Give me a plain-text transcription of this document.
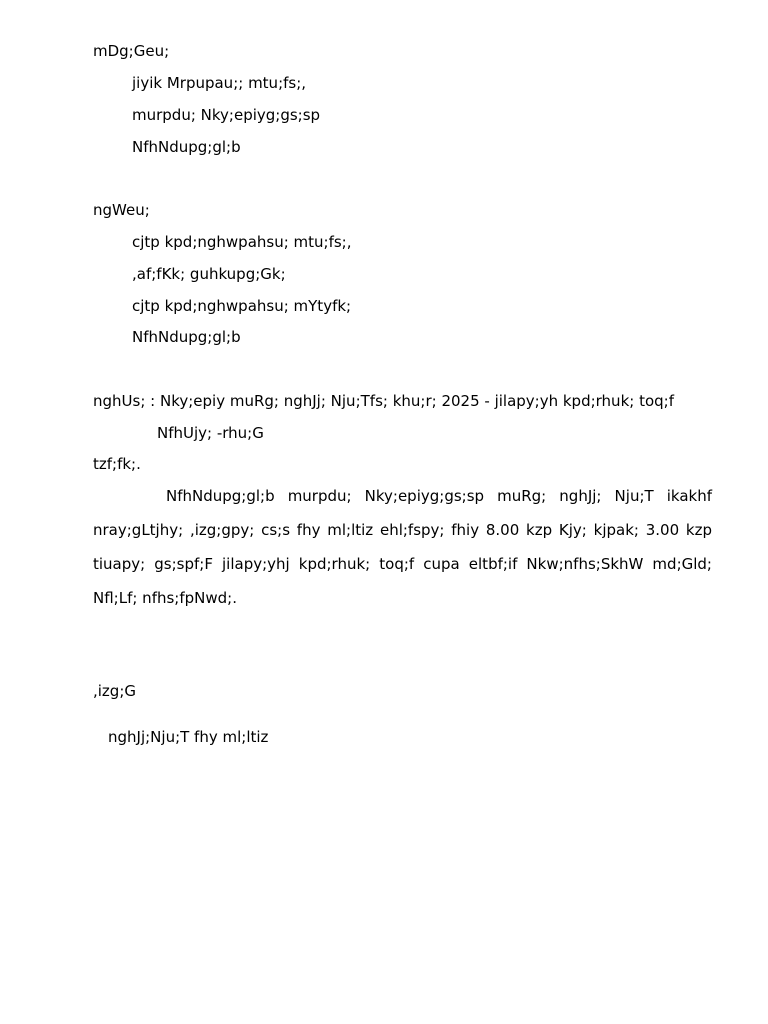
mDg;Geu;
jiyik Mrpupau;; mtu;fs;,
murpdu; Nky;epiyg;gs;sp
NfhNdupg;gl;b
ngWeu;
cjtp kpd;nghwpahsu; mtu;fs;,
,af;fKk; guhkupg;Gk;
cjtp kpd;nghwpahsu; mYtyfk;
NfhNdupg;gl;b
nghUs; : Nky;epiy muRg; nghJj; Nju;Tfs; khu;r; 2025 - jilapy;yh kpd;rhuk; toq;f
NfhUjy; -rhu;G
tzf;fk;.
NfhNdupg;gl;b murpdu; Nky;epiyg;gs;sp muRg; nghJj; Nju;T ikakhf
nray;gLtjhy; ,izg;gpy; cs;s fhy ml;ltiz ehl;fspy; fhiy 8.00 kzp Kjy; kjpak; 3.00 kzp
tiuapy; gs;spf;F jilapy;yhj kpd;rhuk; toq;f cupa eltbf;if Nkw;nfhs;SkhW md;Gld;
Nfl;Lf; nfhs;fpNwd;.
,izg;G
nghJj;Nju;T fhy ml;ltiz
